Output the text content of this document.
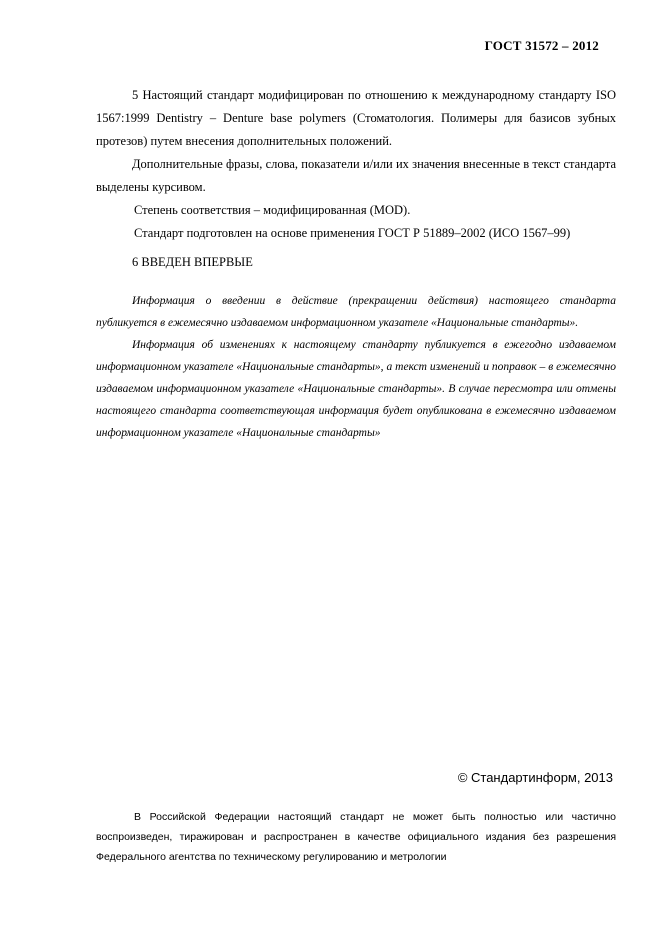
ГОСТ 31572 – 2012

5 Настоящий стандарт модифицирован по отношению к международному стандарту ISO 1567:1999 Dentistry – Denture base polymers (Стоматология. Полимеры для базисов зубных протезов) путем внесения дополнительных положений.

Дополнительные фразы, слова, показатели и/или их значения внесенные в текст стандарта выделены курсивом.

Степень соответствия – модифицированная (MOD).

Стандарт подготовлен на основе применения ГОСТ Р 51889–2002 (ИСО 1567–99)

6 ВВЕДЕН ВПЕРВЫЕ

Информация о введении в действие (прекращении действия) настоящего стандарта публикуется в ежемесячно издаваемом информационном указателе «Национальные стандарты».

Информация об изменениях к настоящему стандарту публикуется в ежегодно издаваемом информационном указателе «Национальные стандарты», а текст изменений и поправок – в ежемесячно издаваемом информационном указателе «Национальные стандарты». В случае пересмотра или отмены настоящего стандарта соответствующая информация будет опубликована в ежемесячно издаваемом информационном указателе «Национальные стандарты»

© Стандартинформ, 2013

В Российской Федерации настоящий стандарт не может быть полностью или частично воспроизведен, тиражирован и распространен в качестве официального издания без разрешения Федерального агентства по техническому регулированию и метрологии
